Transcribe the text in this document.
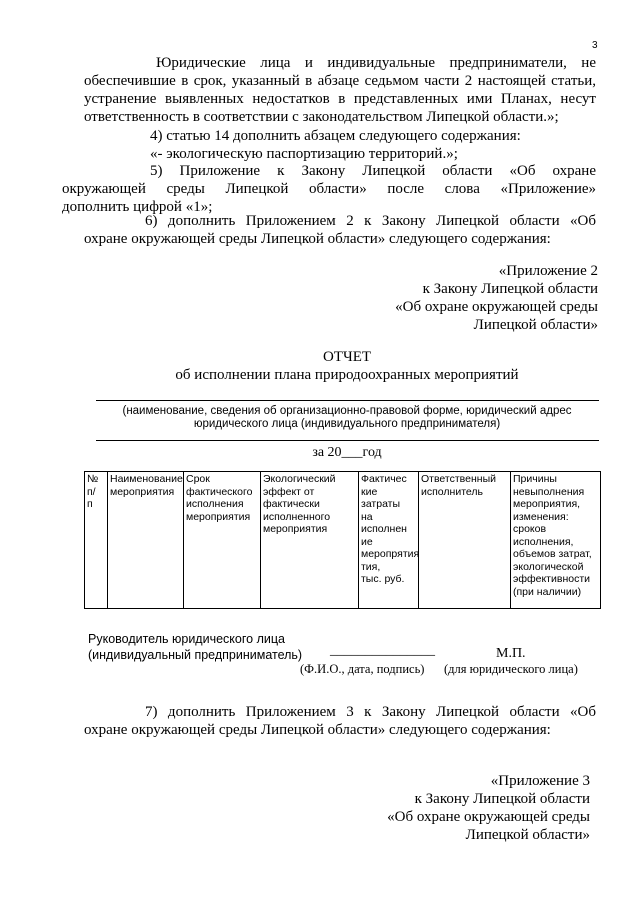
3
Юридические лица и индивидуальные предприниматели, не
обеспечившие в срок, указанный в абзаце седьмом части 2 настоящей статьи,
устранение выявленных недостатков в представленных ими Планах, несут
ответственность в соответствии с законодательством Липецкой области.»;
4) статью 14 дополнить абзацем следующего содержания:
«- экологическую паспортизацию территорий.»;
5) Приложение к Закону Липецкой области «Об охране
окружающей среды Липецкой области» после слова «Приложение»
дополнить цифрой «1»;
6) дополнить Приложением 2 к Закону Липецкой области «Об
охране окружающей среды Липецкой области» следующего содержания:
«Приложение 2
к Закону Липецкой области
«Об охране окружающей среды
Липецкой области»
ОТЧЕТ
об исполнении плана природоохранных мероприятий
(наименование, сведения об организационно-правовой форме, юридический адрес
юридического лица (индивидуального предпринимателя)
за 20___год
№
п/
п

Наименование
мероприятия

Срок
фактического
исполнения
мероприятия

Экологический
эффект от
фактически
исполненного
мероприятия

Фактичес
кие
затраты
на
исполнен
ие
меропрятия
тия,
тыс. руб.

Ответственный
исполнитель

Причины
невыполнения
мероприятия,
изменения:
сроков
исполнения,
объемов затрат,
экологической
эффективности
(при наличии)
Руководитель юридического лица
(индивидуальный предприниматель) _______________	М.П.
(Ф.И.О., дата, подпись) (для юридического лица)
7) дополнить Приложением 3 к Закону Липецкой области «Об
охране окружающей среды Липецкой области» следующего содержания:
«Приложение 3
к Закону Липецкой области
«Об охране окружающей среды
Липецкой области»
